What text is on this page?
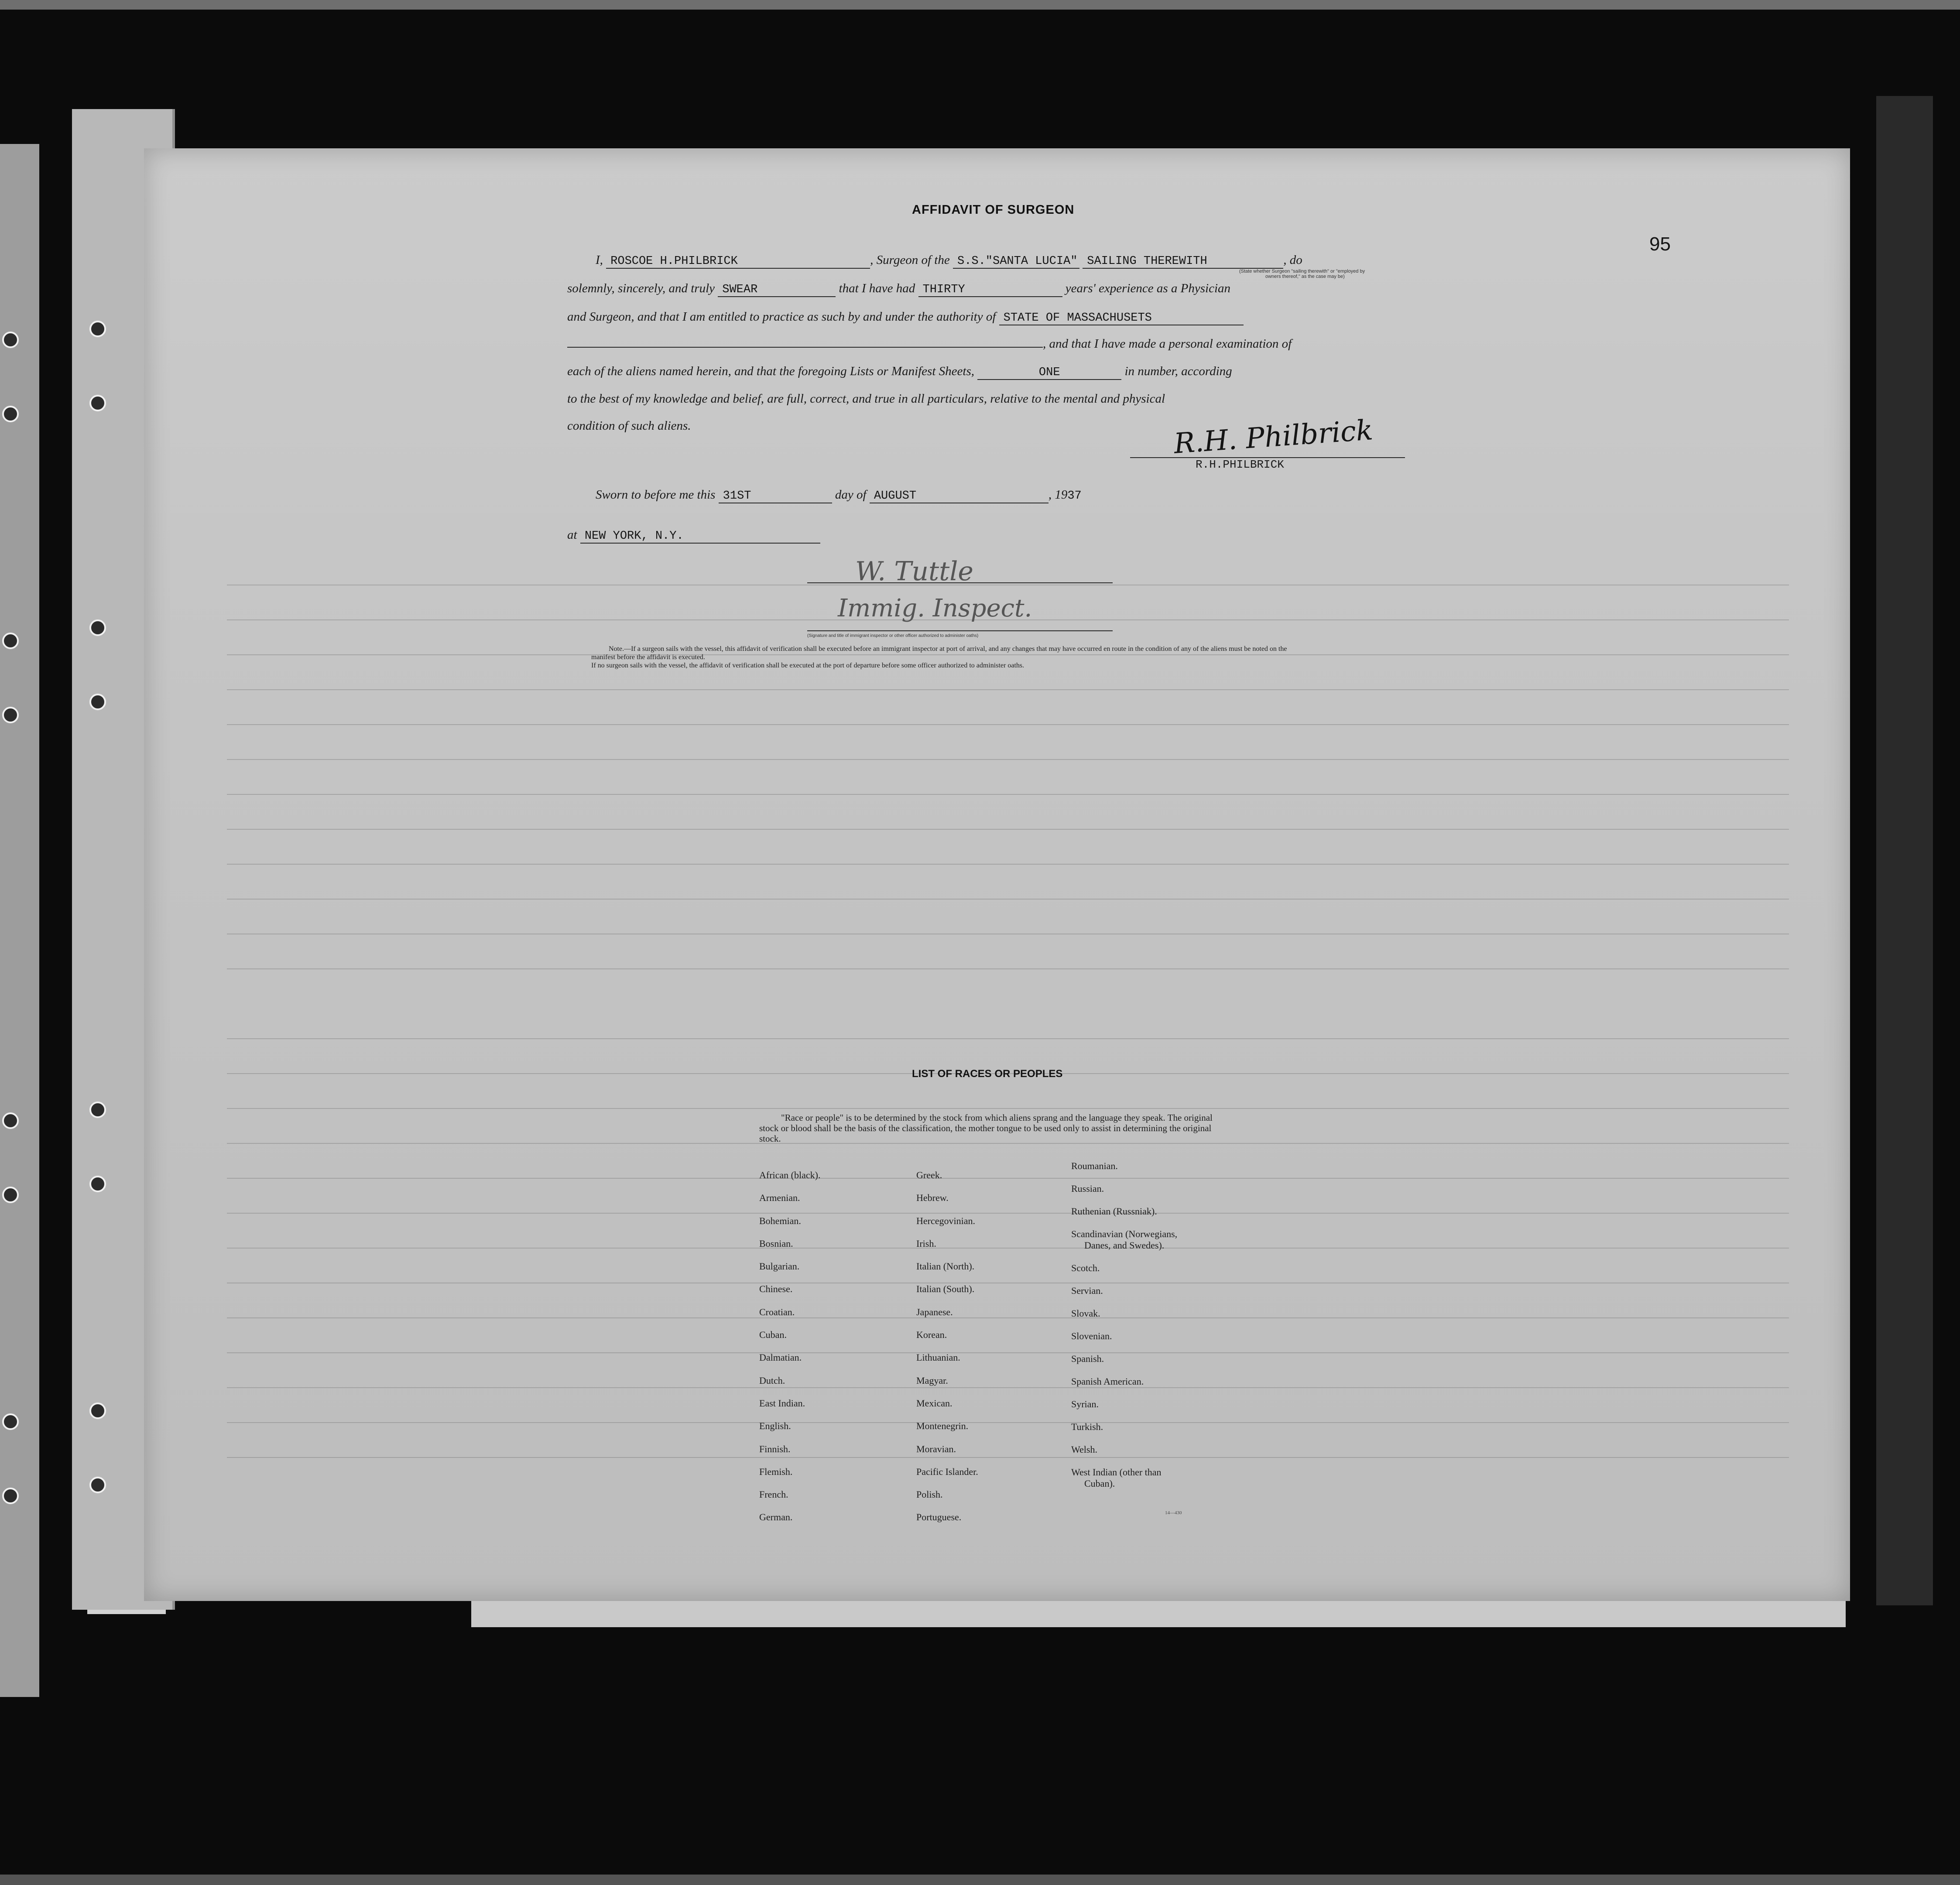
95
AFFIDAVIT OF SURGEON
I, ROSCOE H.PHILBRICK	, Surgeon of the S.S."SANTA LUCIA" SAILING THEREWITH	, do
(State whether Surgeon "sailing therewith" or "employed by
owners thereof," as the case may be)
solemnly, sincerely, and truly SWEAR	that I have had THIRTY	years' experience as a Physician
and Surgeon, and that I am entitled to practice as such by and under the authority of STATE OF MASSACHUSETS
, and that I have made a personal examination of
each of the aliens named herein, and that the foregoing Lists or Manifest Sheets,	ONE	in number, according
to the best of my knowledge and belief, are full, correct, and true in all particulars, relative to the mental and physical
condition of such aliens.	R.H. Philbrick
R.H.PHILBRICK
Sworn to before me this 31ST	day of AUGUST	, 1937
at NEW YORK, N.Y.
W. Tuttle
Immig. Inspect.
(Signature and title of immigrant inspector or other officer authorized to administer oaths)
Note.—If a surgeon sails with the vessel, this affidavit of verification shall be executed before an immigrant inspector at port of arrival, and any changes that may have occurred en route in the condition of any of the aliens must be noted on the manifest before the affidavit is executed.
If no surgeon sails with the vessel, the affidavit of verification shall be executed at the port of departure before some officer authorized to administer oaths.
LIST OF RACES OR PEOPLES
"Race or people" is to be determined by the stock from which aliens sprang and the language they speak. The original stock or blood shall be the basis of the classification, the mother tongue to be used only to assist in determining the original stock.
African (black).
Armenian.
Bohemian.
Bosnian.
Bulgarian.
Chinese.
Croatian.
Cuban.
Dalmatian.
Dutch.
East Indian.
English.
Finnish.
Flemish.
French.
German.
Greek.
Hebrew.
Hercegovinian.
Irish.
Italian (North).
Italian (South).
Japanese.
Korean.
Lithuanian.
Magyar.
Mexican.
Montenegrin.
Moravian.
Pacific Islander.
Polish.
Portuguese.
Roumanian.
Russian.
Ruthenian (Russniak).
Scandinavian (Norwegians,
Danes, and Swedes).
Scotch.
Servian.
Slovak.
Slovenian.
Spanish.
Spanish American.
Syrian.
Turkish.
Welsh.
West Indian (other than
Cuban).
14—430
